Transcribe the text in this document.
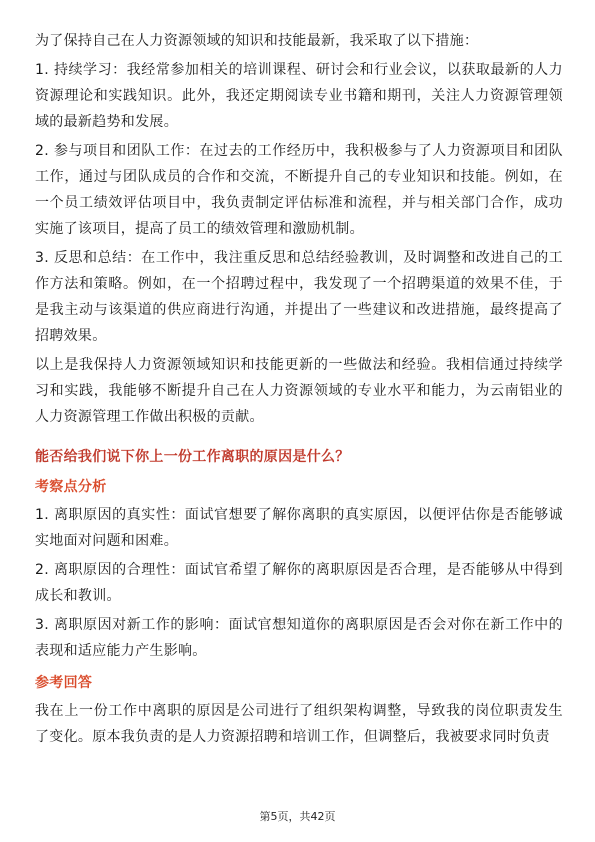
为了保持自己在人力资源领域的知识和技能最新，我采取了以下措施：

1. 持续学习：我经常参加相关的培训课程、研讨会和行业会议，以获取最新的人力资源理论和实践知识。此外，我还定期阅读专业书籍和期刊，关注人力资源管理领域的最新趋势和发展。

2. 参与项目和团队工作：在过去的工作经历中，我积极参与了人力资源项目和团队工作，通过与团队成员的合作和交流，不断提升自己的专业知识和技能。例如，在一个员工绩效评估项目中，我负责制定评估标准和流程，并与相关部门合作，成功实施了该项目，提高了员工的绩效管理和激励机制。

3. 反思和总结：在工作中，我注重反思和总结经验教训，及时调整和改进自己的工作方法和策略。例如，在一个招聘过程中，我发现了一个招聘渠道的效果不佳，于是我主动与该渠道的供应商进行沟通，并提出了一些建议和改进措施，最终提高了招聘效果。

以上是我保持人力资源领域知识和技能更新的一些做法和经验。我相信通过持续学习和实践，我能够不断提升自己在人力资源领域的专业水平和能力，为云南铝业的人力资源管理工作做出积极的贡献。

能否给我们说下你上一份工作离职的原因是什么？
考察点分析

1. 离职原因的真实性：面试官想要了解你离职的真实原因，以便评估你是否能够诚实地面对问题和困难。

2. 离职原因的合理性：面试官希望了解你的离职原因是否合理，是否能够从中得到成长和教训。

3. 离职原因对新工作的影响：面试官想知道你的离职原因是否会对你在新工作中的表现和适应能力产生影响。

参考回答

我在上一份工作中离职的原因是公司进行了组织架构调整，导致我的岗位职责发生了变化。原本我负责的是人力资源招聘和培训工作，但调整后，我被要求同时负责

第5页，共42页
